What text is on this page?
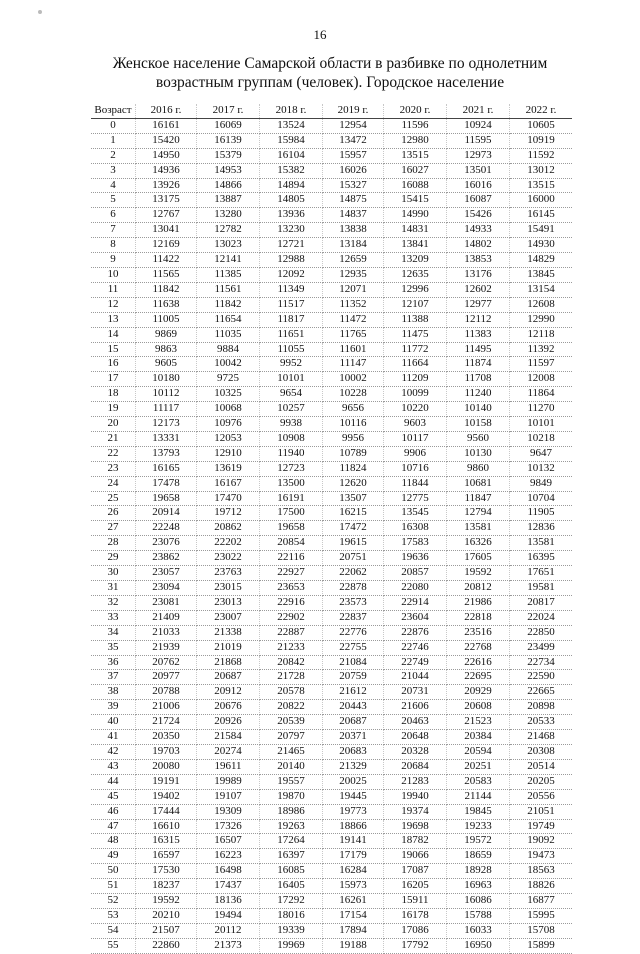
16
Женское население Самарской области в разбивке по однолетним
возрастным группам (человек). Городское население
Возраст	2016 г.	2017 г.	2018 г.	2019 г.	2020 г.	2021 г.	2022 г.
0	16161	16069	13524	12954	11596	10924	10605
1	15420	16139	15984	13472	12980	11595	10919
2	14950	15379	16104	15957	13515	12973	11592
3	14936	14953	15382	16026	16027	13501	13012
4	13926	14866	14894	15327	16088	16016	13515
5	13175	13887	14805	14875	15415	16087	16000
6	12767	13280	13936	14837	14990	15426	16145
7	13041	12782	13230	13838	14831	14933	15491
8	12169	13023	12721	13184	13841	14802	14930
9	11422	12141	12988	12659	13209	13853	14829
10	11565	11385	12092	12935	12635	13176	13845
11	11842	11561	11349	12071	12996	12602	13154
12	11638	11842	11517	11352	12107	12977	12608
13	11005	11654	11817	11472	11388	12112	12990
14	9869	11035	11651	11765	11475	11383	12118
15	9863	9884	11055	11601	11772	11495	11392
16	9605	10042	9952	11147	11664	11874	11597
17	10180	9725	10101	10002	11209	11708	12008
18	10112	10325	9654	10228	10099	11240	11864
19	11117	10068	10257	9656	10220	10140	11270
20	12173	10976	9938	10116	9603	10158	10101
21	13331	12053	10908	9956	10117	9560	10218
22	13793	12910	11940	10789	9906	10130	9647
23	16165	13619	12723	11824	10716	9860	10132
24	17478	16167	13500	12620	11844	10681	9849
25	19658	17470	16191	13507	12775	11847	10704
26	20914	19712	17500	16215	13545	12794	11905
27	22248	20862	19658	17472	16308	13581	12836
28	23076	22202	20854	19615	17583	16326	13581
29	23862	23022	22116	20751	19636	17605	16395
30	23057	23763	22927	22062	20857	19592	17651
31	23094	23015	23653	22878	22080	20812	19581
32	23081	23013	22916	23573	22914	21986	20817
33	21409	23007	22902	22837	23604	22818	22024
34	21033	21338	22887	22776	22876	23516	22850
35	21939	21019	21233	22755	22746	22768	23499
36	20762	21868	20842	21084	22749	22616	22734
37	20977	20687	21728	20759	21044	22695	22590
38	20788	20912	20578	21612	20731	20929	22665
39	21006	20676	20822	20443	21606	20608	20898
40	21724	20926	20539	20687	20463	21523	20533
41	20350	21584	20797	20371	20648	20384	21468
42	19703	20274	21465	20683	20328	20594	20308
43	20080	19611	20140	21329	20684	20251	20514
44	19191	19989	19557	20025	21283	20583	20205
45	19402	19107	19870	19445	19940	21144	20556
46	17444	19309	18986	19773	19374	19845	21051
47	16610	17326	19263	18866	19698	19233	19749
48	16315	16507	17264	19141	18782	19572	19092
49	16597	16223	16397	17179	19066	18659	19473
50	17530	16498	16085	16284	17087	18928	18563
51	18237	17437	16405	15973	16205	16963	18826
52	19592	18136	17292	16261	15911	16086	16877
53	20210	19494	18016	17154	16178	15788	15995
54	21507	20112	19339	17894	17086	16033	15708
55	22860	21373	19969	19188	17792	16950	15899
